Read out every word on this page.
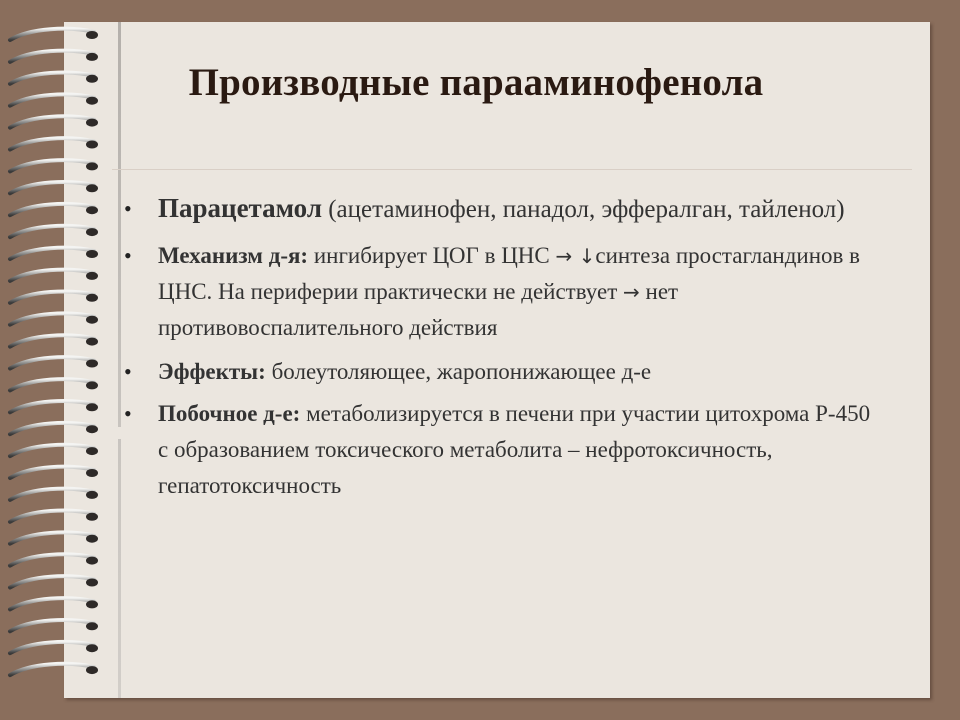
Производные парааминофенола
• Парацетамол (ацетаминофен, панадол, эффералган, тайленол)
• Механизм д-я: ингибирует ЦОГ в ЦНС → ↓синтеза простагландинов в ЦНС. На периферии практически не действует → нет противовоспалительного действия
• Эффекты: болеутоляющее, жаропонижающее д-е
• Побочное д-е: метаболизируется в печени при участии цитохрома Р-450 с образованием токсического метаболита – нефротоксичность, гепатотоксичность
